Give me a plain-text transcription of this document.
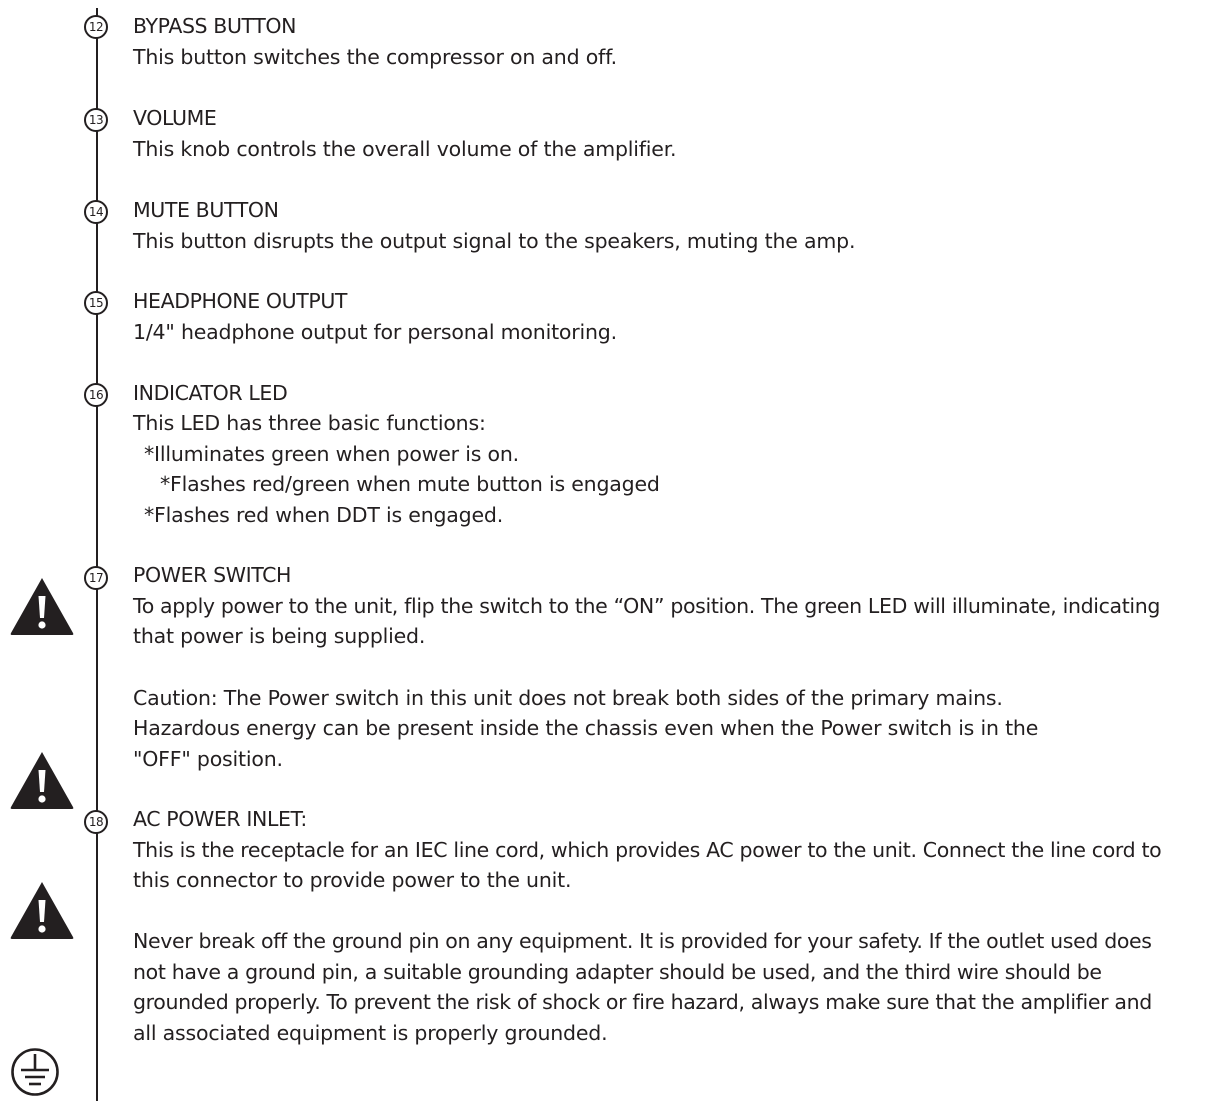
12 BYPASS BUTTON
This button switches the compressor on and off.
13 VOLUME
This knob controls the overall volume of the amplifier.
14 MUTE BUTTON
This button disrupts the output signal to the speakers, muting the amp.
15 HEADPHONE OUTPUT
1/4" headphone output for personal monitoring.
16 INDICATOR LED
This LED has three basic functions:
*Illuminates green when power is on.
*Flashes red/green when mute button is engaged
*Flashes red when DDT is engaged.
17 POWER SWITCH
To apply power to the unit, flip the switch to the “ON” position. The green LED will illuminate, indicating
that power is being supplied.
Caution: The Power switch in this unit does not break both sides of the primary mains.
Hazardous energy can be present inside the chassis even when the Power switch is in the
"OFF" position.
18 AC POWER INLET:
This is the receptacle for an IEC line cord, which provides AC power to the unit. Connect the line cord to
this connector to provide power to the unit.
Never break off the ground pin on any equipment. It is provided for your safety. If the outlet used does
not have a ground pin, a suitable grounding adapter should be used, and the third wire should be
grounded properly. To prevent the risk of shock or fire hazard, always make sure that the amplifier and
all associated equipment is properly grounded.
